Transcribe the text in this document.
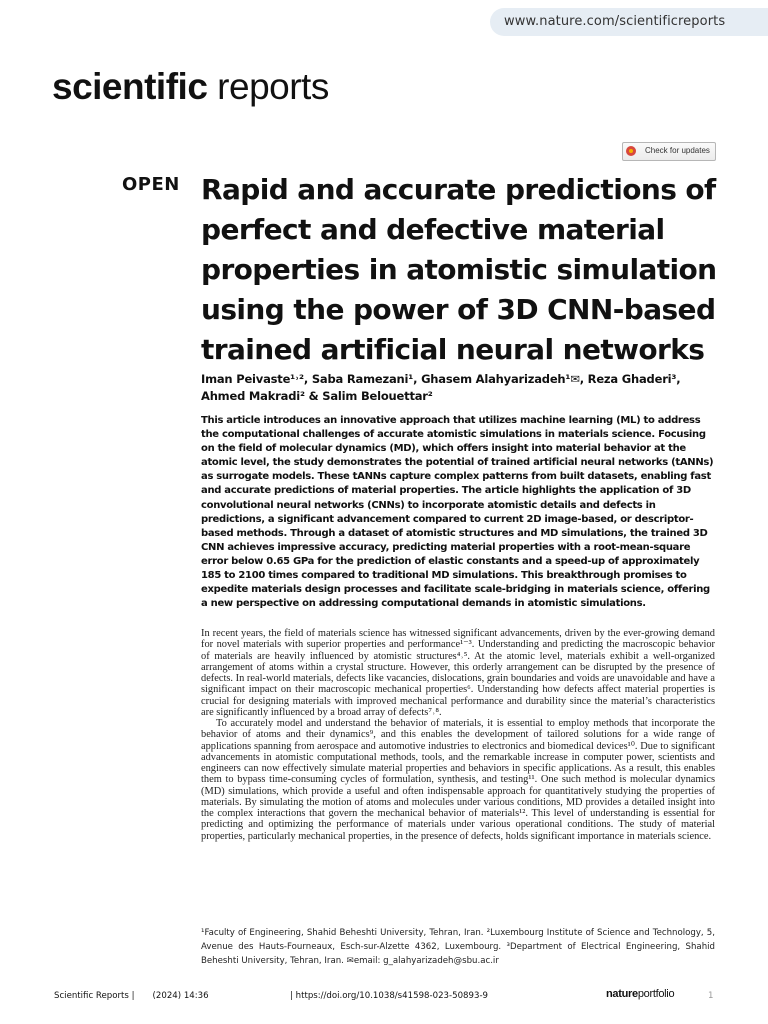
www.nature.com/scientificreports
scientific reports
Check for updates
OPEN Rapid and accurate predictions of perfect and defective material properties in atomistic simulation using the power of 3D CNN-based trained artificial neural networks
Iman Peivaste¹˒², Saba Ramezani¹, Ghasem Alahyarizadeh¹✉, Reza Ghaderi³,
Ahmed Makradi² & Salim Belouettar²

This article introduces an innovative approach that utilizes machine learning (ML) to address the computational challenges of accurate atomistic simulations in materials science. Focusing on the field of molecular dynamics (MD), which offers insight into material behavior at the atomic level, the study demonstrates the potential of trained artificial neural networks (tANNs) as surrogate models. These tANNs capture complex patterns from built datasets, enabling fast and accurate predictions of material properties. The article highlights the application of 3D convolutional neural networks (CNNs) to incorporate atomistic details and defects in predictions, a significant advancement compared to current 2D image-based, or descriptor-based methods. Through a dataset of atomistic structures and MD simulations, the trained 3D CNN achieves impressive accuracy, predicting material properties with a root-mean-square error below 0.65 GPa for the prediction of elastic constants and a speed-up of approximately 185 to 2100 times compared to traditional MD simulations. This breakthrough promises to expedite materials design processes and facilitate scale-bridging in materials science, offering a new perspective on addressing computational demands in atomistic simulations.

In recent years, the field of materials science has witnessed significant advancements, driven by the ever-growing demand for novel materials with superior properties and performance¹⁻³. Understanding and predicting the macroscopic behavior of materials are heavily influenced by atomistic structures⁴˒⁵. At the atomic level, materials exhibit a well-organized arrangement of atoms within a crystal structure. However, this orderly arrangement can be disrupted by the presence of defects. In real-world materials, defects like vacancies, dislocations, grain boundaries and voids are unavoidable and have a significant impact on their macroscopic mechanical properties⁶. Understanding how defects affect material properties is crucial for designing materials with improved mechanical performance and durability since the material’s characteristics are significantly influenced by a broad array of defects⁷˒⁸.

To accurately model and understand the behavior of materials, it is essential to employ methods that incorporate the behavior of atoms and their dynamics⁹, and this enables the development of tailored solutions for a wide range of applications spanning from aerospace and automotive industries to electronics and biomedical devices¹⁰. Due to significant advancements in atomistic computational methods, tools, and the remarkable increase in computer power, scientists and engineers can now effectively simulate material properties and behaviors in specific applications. As a result, this enables them to bypass time-consuming cycles of formulation, synthesis, and testing¹¹. One such method is molecular dynamics (MD) simulations, which provide a useful and often indispensable approach for quantitatively studying the properties of materials. By simulating the motion of atoms and molecules under various conditions, MD provides a detailed insight into the complex interactions that govern the mechanical behavior of materials¹². This level of understanding is essential for predicting and optimizing the performance of materials under various operational conditions. The study of material properties, particularly mechanical properties, in the presence of defects, holds significant importance in materials science.

¹Faculty of Engineering, Shahid Beheshti University, Tehran, Iran. ²Luxembourg Institute of Science and Technology, 5, Avenue des Hauts-Fourneaux, Esch-sur-Alzette 4362, Luxembourg. ³Department of Electrical Engineering, Shahid Beheshti University, Tehran, Iran. ✉email: g_alahyarizadeh@sbu.ac.ir

Scientific Reports | (2024) 14:36	| https://doi.org/10.1038/s41598-023-50893-9	natureportfolio	1
